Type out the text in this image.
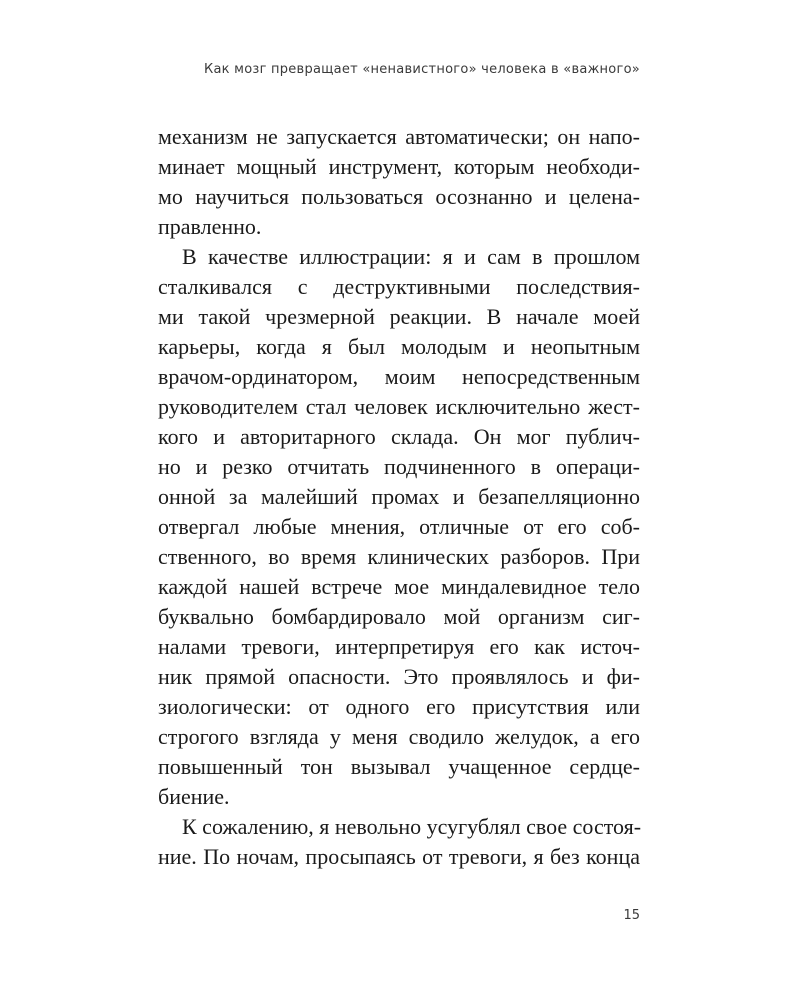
Как мозг превращает «ненавистного» человека в «важного»
механизм не запускается автоматически; он напо-
минает мощный инструмент, которым необходи-
мо научиться пользоваться осознанно и целена-
правленно.
В качестве иллюстрации: я и сам в прошлом
сталкивался с деструктивными последствия-
ми такой чрезмерной реакции. В начале моей
карьеры, когда я был молодым и неопытным
врачом-ординатором, моим непосредственным
руководителем стал человек исключительно жест-
кого и авторитарного склада. Он мог публич-
но и резко отчитать подчиненного в операци-
онной за малейший промах и безапелляционно
отвергал любые мнения, отличные от его соб-
ственного, во время клинических разборов. При
каждой нашей встрече мое миндалевидное тело
буквально бомбардировало мой организм сиг-
налами тревоги, интерпретируя его как источ-
ник прямой опасности. Это проявлялось и фи-
зиологически: от одного его присутствия или
строгого взгляда у меня сводило желудок, а его
повышенный тон вызывал учащенное сердце-
биение.
К сожалению, я невольно усугублял свое состоя-
ние. По ночам, просыпаясь от тревоги, я без конца
15
